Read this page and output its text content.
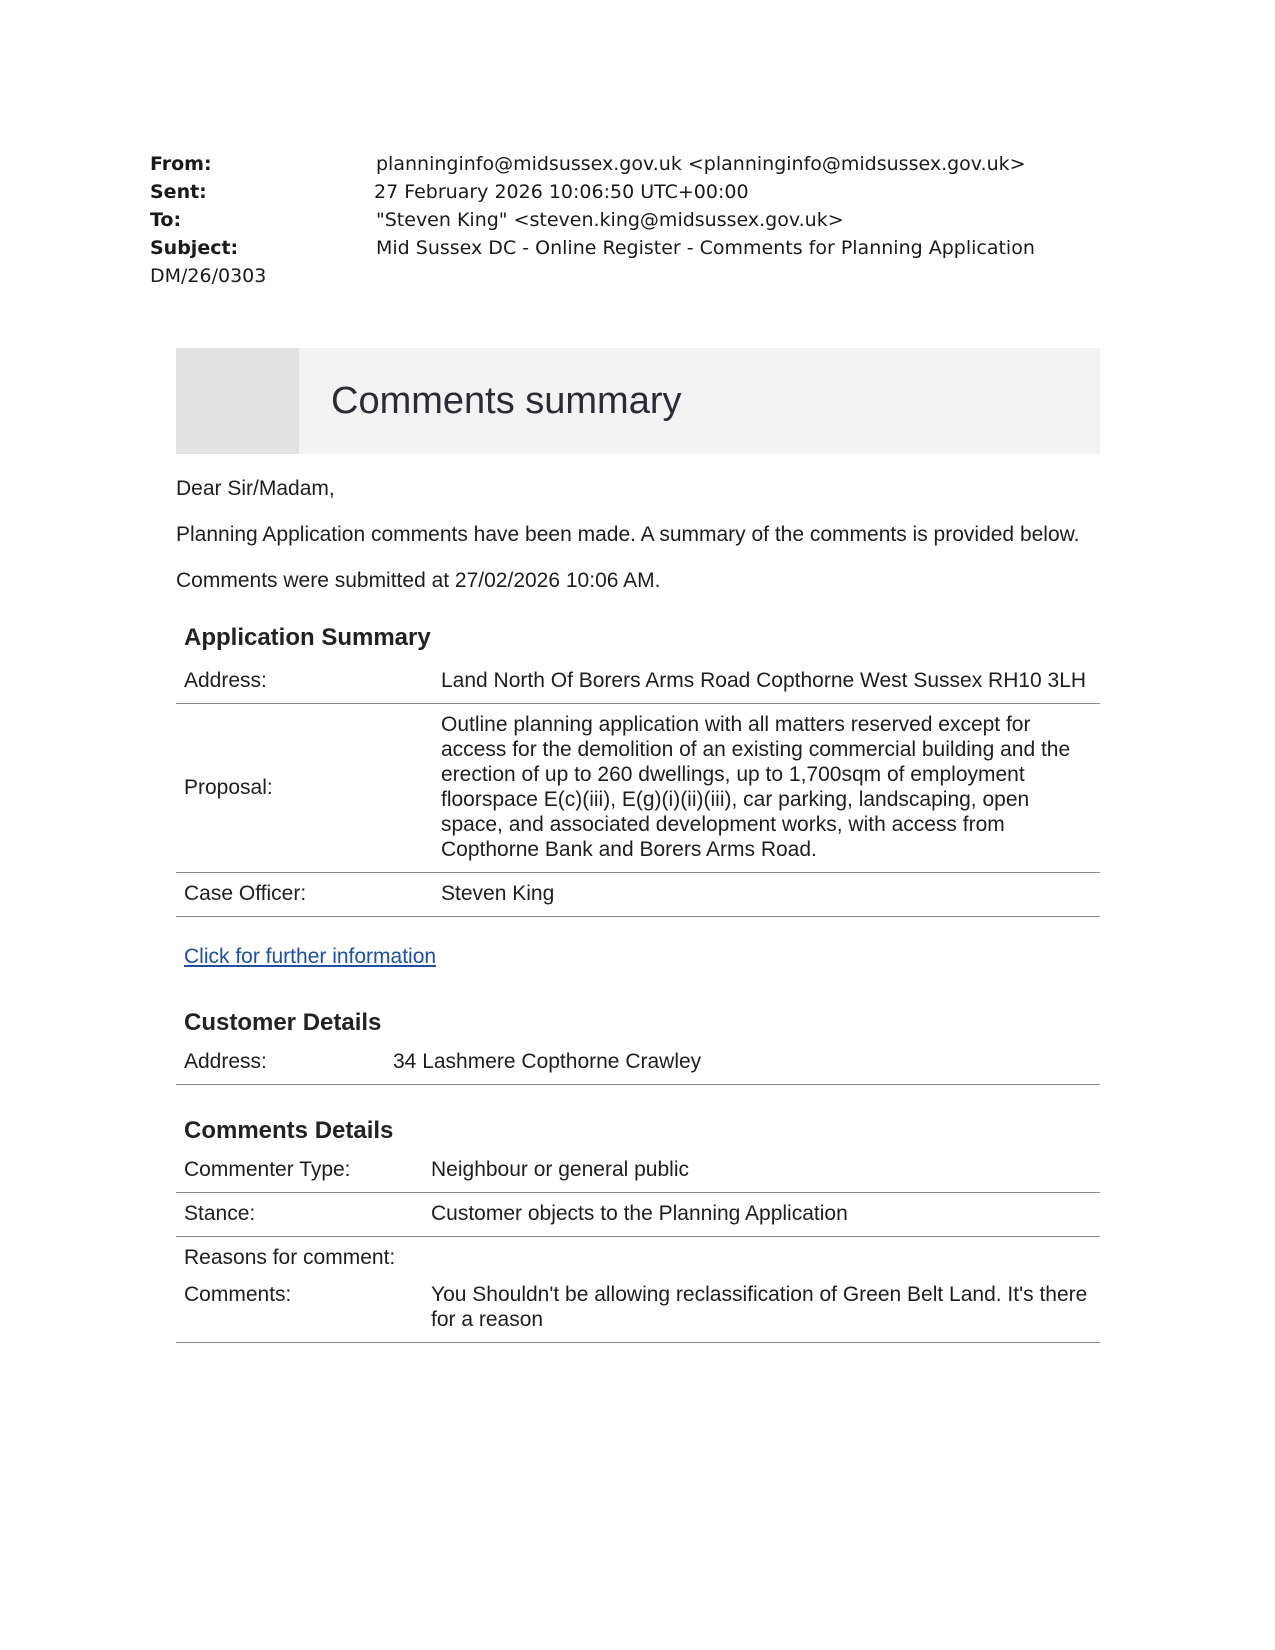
From:	planninginfo@midsussex.gov.uk <planninginfo@midsussex.gov.uk>
Sent:	27 February 2026 10:06:50 UTC+00:00
To:	"Steven King" <steven.king@midsussex.gov.uk>
Subject:	Mid Sussex DC - Online Register - Comments for Planning Application
DM/26/0303
Comments summary

Dear Sir/Madam,

Planning Application comments have been made. A summary of the comments is provided below.

Comments were submitted at 27/02/2026 10:06 AM.

Application Summary
Address:	Land North Of Borers Arms Road Copthorne West Sussex RH10 3LH
Proposal:	Outline planning application with all matters reserved except for access for the demolition of an existing commercial building and the erection of up to 260 dwellings, up to 1,700sqm of employment floorspace E(c)(iii), E(g)(i)(ii)(iii), car parking, landscaping, open space, and associated development works, with access from Copthorne Bank and Borers Arms Road.
Case Officer:	Steven King
Click for further information
Customer Details
Address:	34 Lashmere Copthorne Crawley
Comments Details
Commenter Type:	Neighbour or general public
Stance:	Customer objects to the Planning Application
Reasons for comment:	
Comments:	You Shouldn't be allowing reclassification of Green Belt Land. It's there for a reason
